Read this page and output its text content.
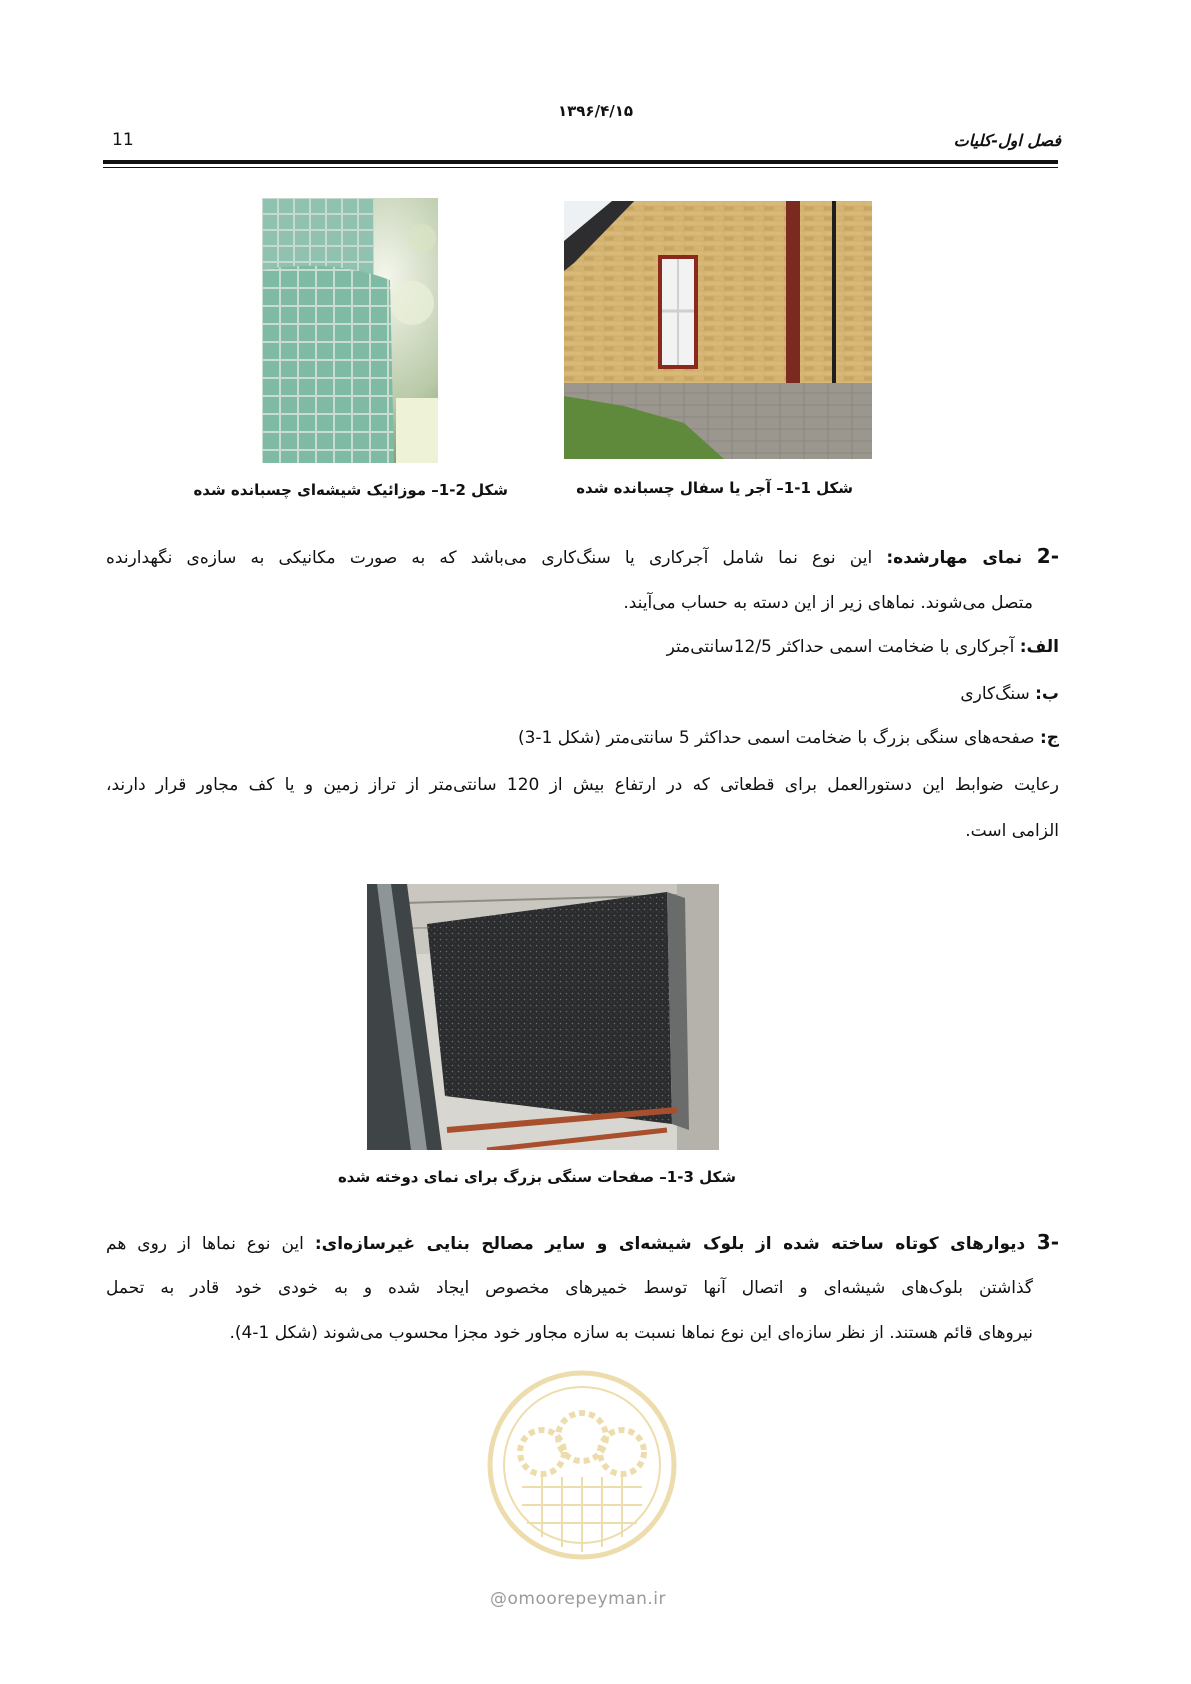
۱۳۹۶/۴/۱۵
11	فصل اول-کلیات
شکل 1-2– موزائیک شیشه‌ای چسبانده شده	شکل 1-1– آجر یا سفال چسبانده شده
2- نمای مهارشده: این نوع نما شامل آجرکاری یا سنگ‌کاری می‌باشد که به صورت مکانیکی به سازه‌ی نگهدارنده
متصل می‌شوند. نماهای زیر از این دسته به حساب می‌آیند.
الف: آجرکاری با ضخامت اسمی حداکثر 12/5سانتی‌متر
ب: سنگ‌کاری
ج: صفحه‌های سنگی بزرگ با ضخامت اسمی حداکثر 5 سانتی‌متر (شکل 1-3)
رعایت ضوابط این دستورالعمل برای قطعاتی که در ارتفاع بیش از 120 سانتی‌متر از تراز زمین و یا کف مجاور قرار دارند،
الزامی است.
شکل 1-3– صفحات سنگی بزرگ برای نمای دوخته شده
3- دیوارهای کوتاه ساخته شده از بلوک شیشه‌ای و سایر مصالح بنایی غیرسازه‌ای: این نوع نماها از روی هم
گذاشتن بلوک‌های شیشه‌ای و اتصال آنها توسط خمیرهای مخصوص ایجاد شده و به خودی خود قادر به تحمل
نیروهای قائم هستند. از نظر سازه‌ای این نوع نماها نسبت به سازه مجاور خود مجزا محسوب می‌شوند (شکل 1-4).
@omoorepeyman.ir
